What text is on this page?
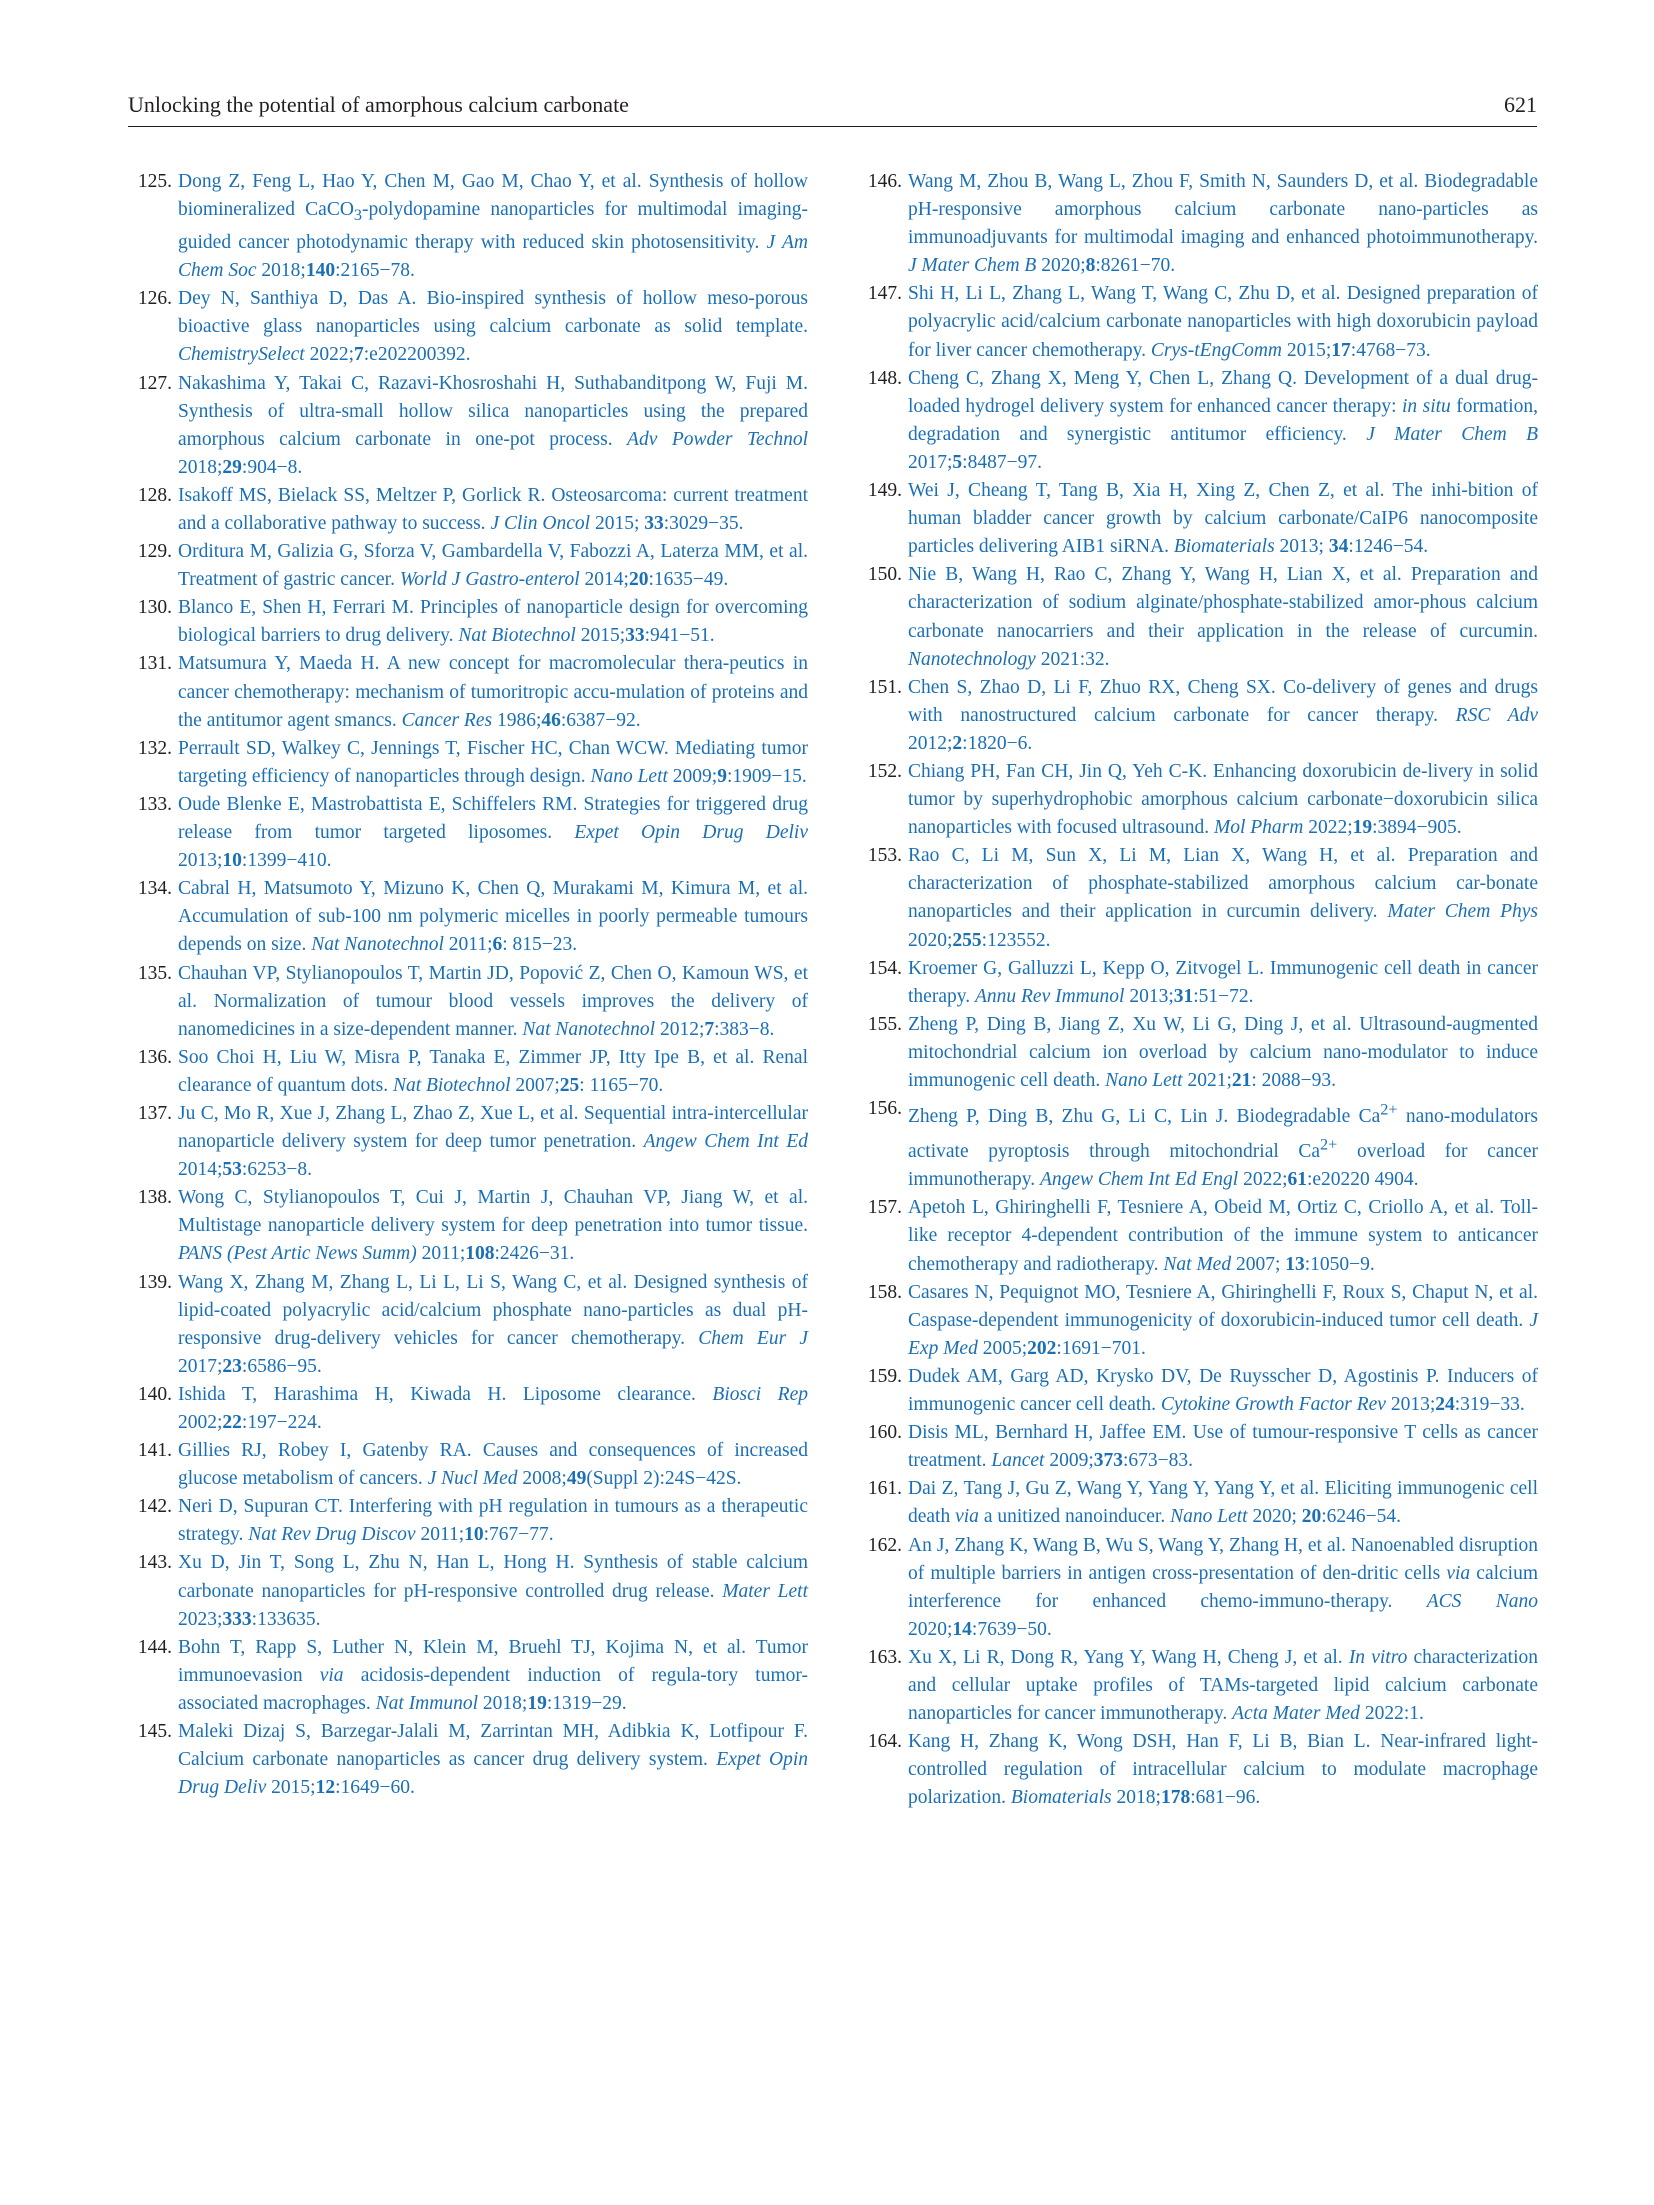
Unlocking the potential of amorphous calcium carbonate	621
125. Dong Z, Feng L, Hao Y, Chen M, Gao M, Chao Y, et al. Synthesis of hollow biomineralized CaCO$_3$-polydopamine nanoparticles for multimodal imaging-guided cancer photodynamic therapy with reduced skin photosensitivity. J Am Chem Soc 2018;140:2165−78.
126. Dey N, Santhiya D, Das A. Bio-inspired synthesis of hollow meso-porous bioactive glass nanoparticles using calcium carbonate as solid template. ChemistrySelect 2022;7:e202200392.
127. Nakashima Y, Takai C, Razavi-Khosroshahi H, Suthabanditpong W, Fuji M. Synthesis of ultra-small hollow silica nanoparticles using the prepared amorphous calcium carbonate in one-pot process. Adv Powder Technol 2018;29:904−8.
128. Isakoff MS, Bielack SS, Meltzer P, Gorlick R. Osteosarcoma: current treatment and a collaborative pathway to success. J Clin Oncol 2015; 33:3029−35.
129. Orditura M, Galizia G, Sforza V, Gambardella V, Fabozzi A, Laterza MM, et al. Treatment of gastric cancer. World J Gastro-enterol 2014;20:1635−49.
130. Blanco E, Shen H, Ferrari M. Principles of nanoparticle design for overcoming biological barriers to drug delivery. Nat Biotechnol 2015;33:941−51.
131. Matsumura Y, Maeda H. A new concept for macromolecular thera-peutics in cancer chemotherapy: mechanism of tumoritropic accu-mulation of proteins and the antitumor agent smancs. Cancer Res 1986;46:6387−92.
132. Perrault SD, Walkey C, Jennings T, Fischer HC, Chan WCW. Mediating tumor targeting efficiency of nanoparticles through design. Nano Lett 2009;9:1909−15.
133. Oude Blenke E, Mastrobattista E, Schiffelers RM. Strategies for triggered drug release from tumor targeted liposomes. Expet Opin Drug Deliv 2013;10:1399−410.
134. Cabral H, Matsumoto Y, Mizuno K, Chen Q, Murakami M, Kimura M, et al. Accumulation of sub-100 nm polymeric micelles in poorly permeable tumours depends on size. Nat Nanotechnol 2011;6: 815−23.
135. Chauhan VP, Stylianopoulos T, Martin JD, Popović Z, Chen O, Kamoun WS, et al. Normalization of tumour blood vessels improves the delivery of nanomedicines in a size-dependent manner. Nat Nanotechnol 2012;7:383−8.
136. Soo Choi H, Liu W, Misra P, Tanaka E, Zimmer JP, Itty Ipe B, et al. Renal clearance of quantum dots. Nat Biotechnol 2007;25: 1165−70.
137. Ju C, Mo R, Xue J, Zhang L, Zhao Z, Xue L, et al. Sequential intra-intercellular nanoparticle delivery system for deep tumor penetration. Angew Chem Int Ed 2014;53:6253−8.
138. Wong C, Stylianopoulos T, Cui J, Martin J, Chauhan VP, Jiang W, et al. Multistage nanoparticle delivery system for deep penetration into tumor tissue. PANS (Pest Artic News Summ) 2011;108:2426−31.
139. Wang X, Zhang M, Zhang L, Li L, Li S, Wang C, et al. Designed synthesis of lipid-coated polyacrylic acid/calcium phosphate nano-particles as dual pH-responsive drug-delivery vehicles for cancer chemotherapy. Chem Eur J 2017;23:6586−95.
140. Ishida T, Harashima H, Kiwada H. Liposome clearance. Biosci Rep 2002;22:197−224.
141. Gillies RJ, Robey I, Gatenby RA. Causes and consequences of increased glucose metabolism of cancers. J Nucl Med 2008;49(Suppl 2):24S−42S.
142. Neri D, Supuran CT. Interfering with pH regulation in tumours as a therapeutic strategy. Nat Rev Drug Discov 2011;10:767−77.
143. Xu D, Jin T, Song L, Zhu N, Han L, Hong H. Synthesis of stable calcium carbonate nanoparticles for pH-responsive controlled drug release. Mater Lett 2023;333:133635.
144. Bohn T, Rapp S, Luther N, Klein M, Bruehl TJ, Kojima N, et al. Tumor immunoevasion via acidosis-dependent induction of regula-tory tumor-associated macrophages. Nat Immunol 2018;19:1319−29.
145. Maleki Dizaj S, Barzegar-Jalali M, Zarrintan MH, Adibkia K, Lotfipour F. Calcium carbonate nanoparticles as cancer drug delivery system. Expet Opin Drug Deliv 2015;12:1649−60.
146. Wang M, Zhou B, Wang L, Zhou F, Smith N, Saunders D, et al. Biodegradable pH-responsive amorphous calcium carbonate nano-particles as immunoadjuvants for multimodal imaging and enhanced photoimmunotherapy. J Mater Chem B 2020;8:8261−70.
147. Shi H, Li L, Zhang L, Wang T, Wang C, Zhu D, et al. Designed preparation of polyacrylic acid/calcium carbonate nanoparticles with high doxorubicin payload for liver cancer chemotherapy. Crys-tEngComm 2015;17:4768−73.
148. Cheng C, Zhang X, Meng Y, Chen L, Zhang Q. Development of a dual drug-loaded hydrogel delivery system for enhanced cancer therapy: in situ formation, degradation and synergistic antitumor efficiency. J Mater Chem B 2017;5:8487−97.
149. Wei J, Cheang T, Tang B, Xia H, Xing Z, Chen Z, et al. The inhi-bition of human bladder cancer growth by calcium carbonate/CaIP6 nanocomposite particles delivering AIB1 siRNA. Biomaterials 2013; 34:1246−54.
150. Nie B, Wang H, Rao C, Zhang Y, Wang H, Lian X, et al. Preparation and characterization of sodium alginate/phosphate-stabilized amor-phous calcium carbonate nanocarriers and their application in the release of curcumin. Nanotechnology 2021:32.
151. Chen S, Zhao D, Li F, Zhuo RX, Cheng SX. Co-delivery of genes and drugs with nanostructured calcium carbonate for cancer therapy. RSC Adv 2012;2:1820−6.
152. Chiang PH, Fan CH, Jin Q, Yeh C-K. Enhancing doxorubicin de-livery in solid tumor by superhydrophobic amorphous calcium carbonate−doxorubicin silica nanoparticles with focused ultrasound. Mol Pharm 2022;19:3894−905.
153. Rao C, Li M, Sun X, Li M, Lian X, Wang H, et al. Preparation and characterization of phosphate-stabilized amorphous calcium car-bonate nanoparticles and their application in curcumin delivery. Mater Chem Phys 2020;255:123552.
154. Kroemer G, Galluzzi L, Kepp O, Zitvogel L. Immunogenic cell death in cancer therapy. Annu Rev Immunol 2013;31:51−72.
155. Zheng P, Ding B, Jiang Z, Xu W, Li G, Ding J, et al. Ultrasound-augmented mitochondrial calcium ion overload by calcium nano-modulator to induce immunogenic cell death. Nano Lett 2021;21: 2088−93.
156. Zheng P, Ding B, Zhu G, Li C, Lin J. Biodegradable $Ca^{2+}$ nano-modulators activate pyroptosis through mitochondrial $Ca^{2+}$ overload for cancer immunotherapy. Angew Chem Int Ed Engl 2022;61:e20220 4904.
157. Apetoh L, Ghiringhelli F, Tesniere A, Obeid M, Ortiz C, Criollo A, et al. Toll-like receptor 4-dependent contribution of the immune system to anticancer chemotherapy and radiotherapy. Nat Med 2007; 13:1050−9.
158. Casares N, Pequignot MO, Tesniere A, Ghiringhelli F, Roux S, Chaput N, et al. Caspase-dependent immunogenicity of doxorubicin-induced tumor cell death. J Exp Med 2005;202:1691−701.
159. Dudek AM, Garg AD, Krysko DV, De Ruysscher D, Agostinis P. Inducers of immunogenic cancer cell death. Cytokine Growth Factor Rev 2013;24:319−33.
160. Disis ML, Bernhard H, Jaffee EM. Use of tumour-responsive T cells as cancer treatment. Lancet 2009;373:673−83.
161. Dai Z, Tang J, Gu Z, Wang Y, Yang Y, Yang Y, et al. Eliciting immunogenic cell death via a unitized nanoinducer. Nano Lett 2020; 20:6246−54.
162. An J, Zhang K, Wang B, Wu S, Wang Y, Zhang H, et al. Nanoenabled disruption of multiple barriers in antigen cross-presentation of den-dritic cells via calcium interference for enhanced chemo-immuno-therapy. ACS Nano 2020;14:7639−50.
163. Xu X, Li R, Dong R, Yang Y, Wang H, Cheng J, et al. In vitro characterization and cellular uptake profiles of TAMs-targeted lipid calcium carbonate nanoparticles for cancer immunotherapy. Acta Mater Med 2022:1.
164. Kang H, Zhang K, Wong DSH, Han F, Li B, Bian L. Near-infrared light-controlled regulation of intracellular calcium to modulate macrophage polarization. Biomaterials 2018;178:681−96.
